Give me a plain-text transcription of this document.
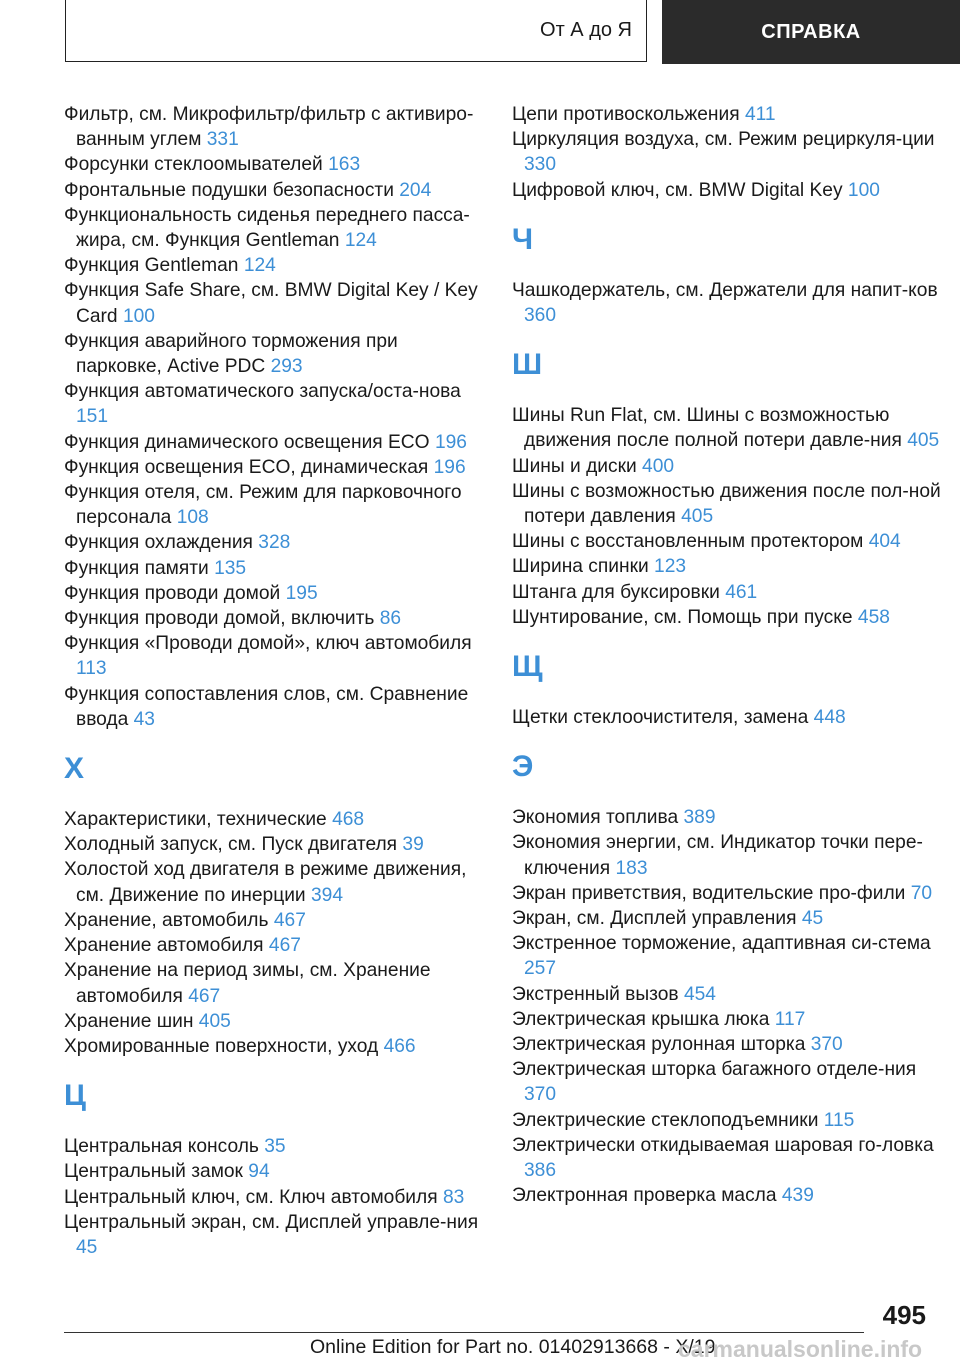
От А до Я	СПРАВКА
Фильтр, см. Микрофильтр/фильтр с активиро-ванным углем 331
Форсунки стеклоомывателей 163
Фронтальные подушки безопасности 204
Функциональность сиденья переднего пасса-жира, см. Функция Gentleman 124
Функция Gentleman 124
Функция Safe Share, см. BMW Digital Key / Key Card 100
Функция аварийного торможения при парковке, Active PDC 293
Функция автоматического запуска/оста-нова 151
Функция динамического освещения ECO 196
Функция освещения ECO, динамическая 196
Функция отеля, см. Режим для парковочного персонала 108
Функция охлаждения 328
Функция памяти 135
Функция проводи домой 195
Функция проводи домой, включить 86
Функция «Проводи домой», ключ автомобиля 113
Функция сопоставления слов, см. Сравнение ввода 43
Х
Характеристики, технические 468
Холодный запуск, см. Пуск двигателя 39
Холостой ход двигателя в режиме движения, см. Движение по инерции 394
Хранение, автомобиль 467
Хранение автомобиля 467
Хранение на период зимы, см. Хранение автомобиля 467
Хранение шин 405
Хромированные поверхности, уход 466
Ц
Центральная консоль 35
Центральный замок 94
Центральный ключ, см. Ключ автомобиля 83
Центральный экран, см. Дисплей управле-ния 45
Цепи противоскольжения 411
Циркуляция воздуха, см. Режим рециркуля-ции 330
Цифровой ключ, см. BMW Digital Key 100
Ч
Чашкодержатель, см. Держатели для напит-ков 360
Ш
Шины Run Flat, см. Шины с возможностью движения после полной потери давле-ния 405
Шины и диски 400
Шины с возможностью движения после пол-ной потери давления 405
Шины с восстановленным протектором 404
Ширина спинки 123
Штанга для буксировки 461
Шунтирование, см. Помощь при пуске 458
Щ
Щетки стеклоочистителя, замена 448
Э
Экономия топлива 389
Экономия энергии, см. Индикатор точки пере-ключения 183
Экран приветствия, водительские про-фили 70
Экран, см. Дисплей управления 45
Экстренное торможение, адаптивная си-стема 257
Экстренный вызов 454
Электрическая крышка люка 117
Электрическая рулонная шторка 370
Электрическая шторка багажного отделе-ния 370
Электрические стеклоподъемники 115
Электрически откидываемая шаровая го-ловка 386
Электронная проверка масла 439
495
Online Edition for Part no. 01402913668 - X/19
carmanualsonline.info
